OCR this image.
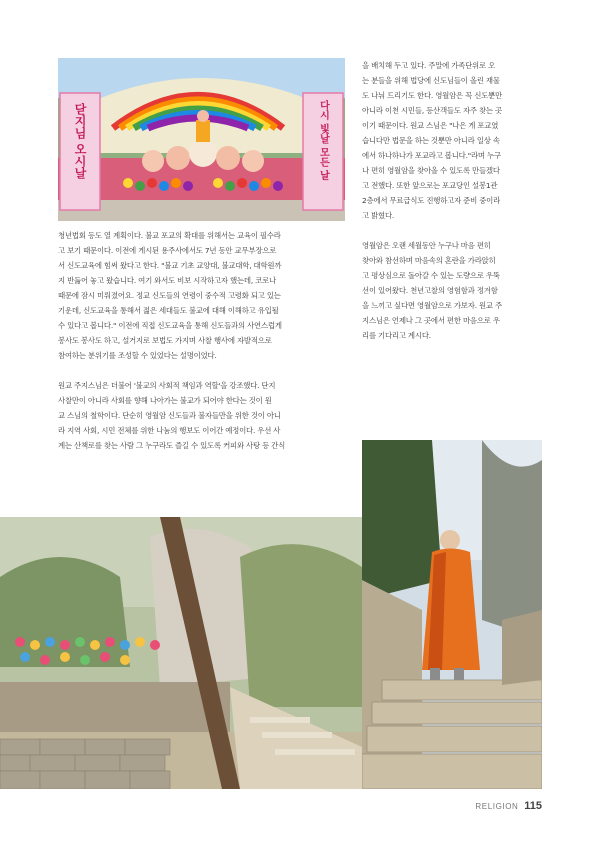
닫지님 오시날	다시 빛날 모든 날

청년법회 등도 열 계획이다. 불교 포교의 확대를 위해서는 교육이 필수라
고 보기 때문이다. 이전에 게시된 용주사에서도 7년 동안 교무부장으로
서 신도교육에 힘써 왔다고 한다. "불교 기초 교양대, 불교대학, 대학원까
지 반듦어 놓고 왔습니다. 여기 와서도 비보 시작하고자 했는데, 코로나
때문에 잠시 미뤄졌어요. 정교 신도들의 연령이 중수적 고령화 되고 있는
기운데, 신도교육을 통해서 젊은 세대들도 불교에 대해 이해하고 유입될
수 있다고 봅니다." 이전에 직접 신도교육을 통해 신도들과의 사연스럽게
봉사도 봉사도 하고, 설거지로 보법도 가지며 사찰 행사에 자발적으로
참여하는 분위기를 조성할 수 있었다는 설명이었다.

원교 주지스님은 더불어 '불교의 사회적 책임과 역할'을 강조했다. 단지
사찰만이 아니라 사회를 향해 나아가는 불교가 되어야 한다는 것이 원
교 스님의 철학이다. 단순히 영월암 신도들과 불자들만을 위한 것이 아니
라 지역 사회, 시민 전체를 위한 나눔의 행보도 이어간 예정이다. 우선 사
계는 산책로를 찾는 사람 그 누구라도 즐길 수 있도록 커피와 사탕 등 간식

을 배치해 두고 있다. 주말에 가족단위로 오
는 분들을 위해 법당에 신도님들이 올린 재물
도 나눠 드리기도 한다. 영월암은 꼭 신도뿐만
아니라 이천 시민들, 등산객들도 자주 찾는 곳
이기 때문이다. 원교 스님은 "나은 게 포교였
습니다만 법문을 하는 것뿐만 아니라 일상 속
에서 하나하나가 포교라고 봅니다."라며 누구
나 편히 영월암을 찾아올 수 있도록 만들겠다
고 전했다. 또한 앞으로는 포교당인 설봉1관
2층에서 무료급식도 진행하고자 준비 중이라
고 밝혔다.

영월암은 오랜 세월동안 누구나 마음 편히
찾아와 참선하며 마음속의 혼란을 가라앉히
고 평상심으로 돌아갈 수 있는 도량으로 우뚝
선이 있어왔다. 천년고찰의 영험함과 정겨함
을 느끼고 싶다면 영월암으로 가보자. 원교 주
지스님은 언제나 그 곳에서 편한 마음으로 우
리를 기다리고 계시다.

RELIGION 115
